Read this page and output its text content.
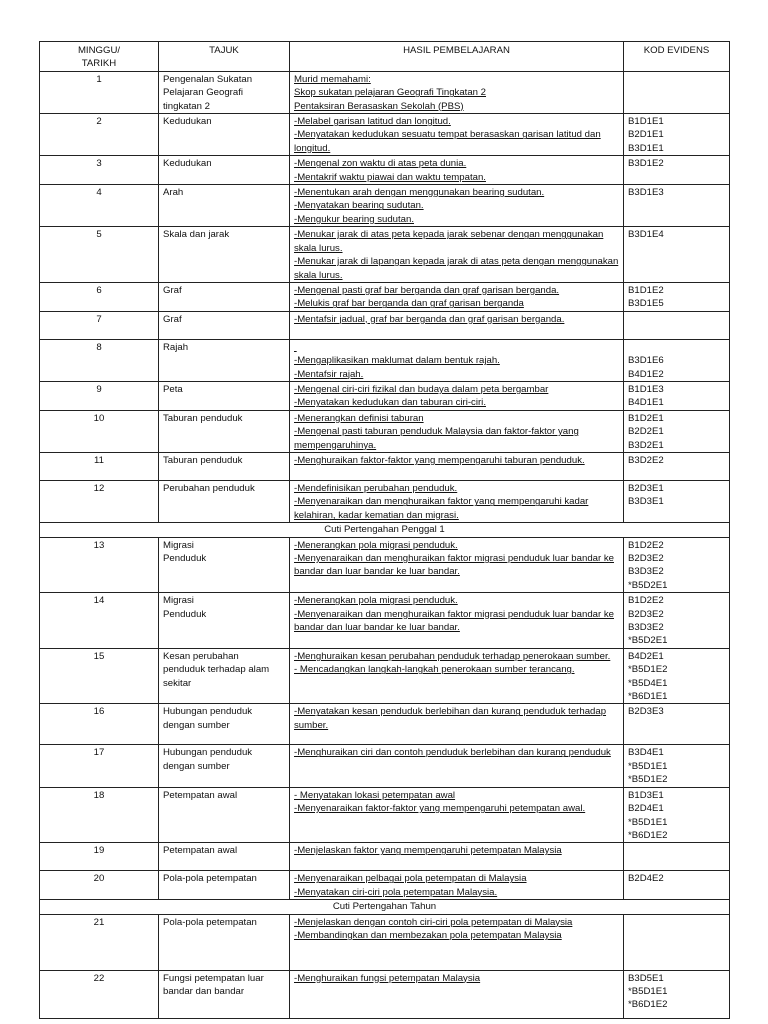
MINGGU/
TARIKH	TAJUK	HASIL PEMBELAJARAN	KOD EVIDENS
1	Pengenalan Sukatan
Pelajaran Geografi
tingkatan 2	Murid memahami:
Skop sukatan pelajaran Geografi Tingkatan 2
Pentaksiran Berasaskan Sekolah (PBS)	

2	Kedudukan	-Melabel garisan latitud dan longitud.
-Menyatakan kedudukan sesuatu tempat berasaskan garisan latitud dan longitud.	B1D1E1
B2D1E1
B3D1E1

3	Kedudukan	-Mengenal zon waktu di atas peta dunia.
-Mentakrif waktu piawai dan waktu tempatan.	B3D1E2

4	Arah	-Menentukan arah dengan menggunakan bearing sudutan.
-Menyatakan bearing sudutan.
-Mengukur bearing sudutan.	B3D1E3

5	Skala dan jarak	-Menukar jarak di atas peta kepada jarak sebenar dengan menggunakan skala lurus.
-Menukar jarak di lapangan kepada jarak di atas peta dengan menggunakan skala lurus.	B3D1E4

6	Graf	-Mengenal pasti graf bar berganda dan graf garisan berganda.
-Melukis graf bar berganda dan graf garisan berganda	B1D1E2
B3D1E5

7	Graf	-Mentafsir jadual, graf bar berganda dan graf garisan berganda.	

8	Rajah	-Mengaplikasikan maklumat dalam bentuk rajah.
-Mentafsir rajah.	B3D1E6
B4D1E2

9	Peta	-Mengenal ciri-ciri fizikal dan budaya dalam peta bergambar
-Menyatakan kedudukan dan taburan ciri-ciri.	B1D1E3
B4D1E1

10	Taburan penduduk	-Menerangkan definisi taburan
-Mengenal pasti taburan penduduk Malaysia dan faktor-faktor yang mempengaruhinya.	B1D2E1
B2D2E1
B3D2E1

11	Taburan penduduk	-Menghuraikan faktor-faktor yang mempengaruhi taburan penduduk.	B3D2E2

12	Perubahan penduduk	-Mendefinisikan perubahan penduduk.
-Menyenaraikan dan menghuraikan faktor yang mempengaruhi kadar kelahiran, kadar kematian dan migrasi.	B2D3E1
B3D3E1

Cuti Pertengahan Penggal 1			
13	Migrasi
Penduduk	-Menerangkan pola migrasi penduduk.
-Menyenaraikan dan menghuraikan faktor migrasi penduduk luar bandar ke bandar dan luar bandar ke luar bandar.	B1D2E2
B2D3E2
B3D3E2
*B5D2E1

14	Migrasi
Penduduk	-Menerangkan pola migrasi penduduk.
-Menyenaraikan dan menghuraikan faktor migrasi penduduk luar bandar ke bandar dan luar bandar ke luar bandar.	B1D2E2
B2D3E2
B3D3E2
*B5D2E1

15	Kesan perubahan
penduduk terhadap alam
sekitar	-Menghuraikan kesan perubahan penduduk terhadap penerokaan sumber.
- Mencadangkan langkah-langkah penerokaan sumber terancang.	B4D2E1
*B5D1E2
*B5D4E1
*B6D1E1

16	Hubungan penduduk
dengan sumber	-Menyatakan kesan penduduk berlebihan dan kurang penduduk terhadap sumber.	B2D3E3

17	Hubungan penduduk
dengan sumber	-Menghuraikan ciri dan contoh penduduk berlebihan dan kurang penduduk	B3D4E1
*B5D1E1
*B5D1E2

18	Petempatan awal	- Menyatakan lokasi petempatan awal
-Menyenaraikan faktor-faktor yang mempengaruhi petempatan awal.	B1D3E1
B2D4E1
*B5D1E1
*B6D1E2

19	Petempatan awal	-Menjelaskan faktor yang mempengaruhi petempatan Malaysia	

20	Pola-pola petempatan	-Menyenaraikan pelbagai pola petempatan di Malaysia
-Menyatakan ciri-ciri pola petempatan Malaysia.	B2D4E2

Cuti Pertengahan Tahun			
21	Pola-pola petempatan	-Menjelaskan dengan contoh ciri-ciri pola petempatan di Malaysia
-Membandingkan dan membezakan pola petempatan Malaysia	

22	Fungsi petempatan luar
bandar dan bandar	-Menghuraikan fungsi petempatan Malaysia	B3D5E1
*B5D1E1
*B6D1E2
